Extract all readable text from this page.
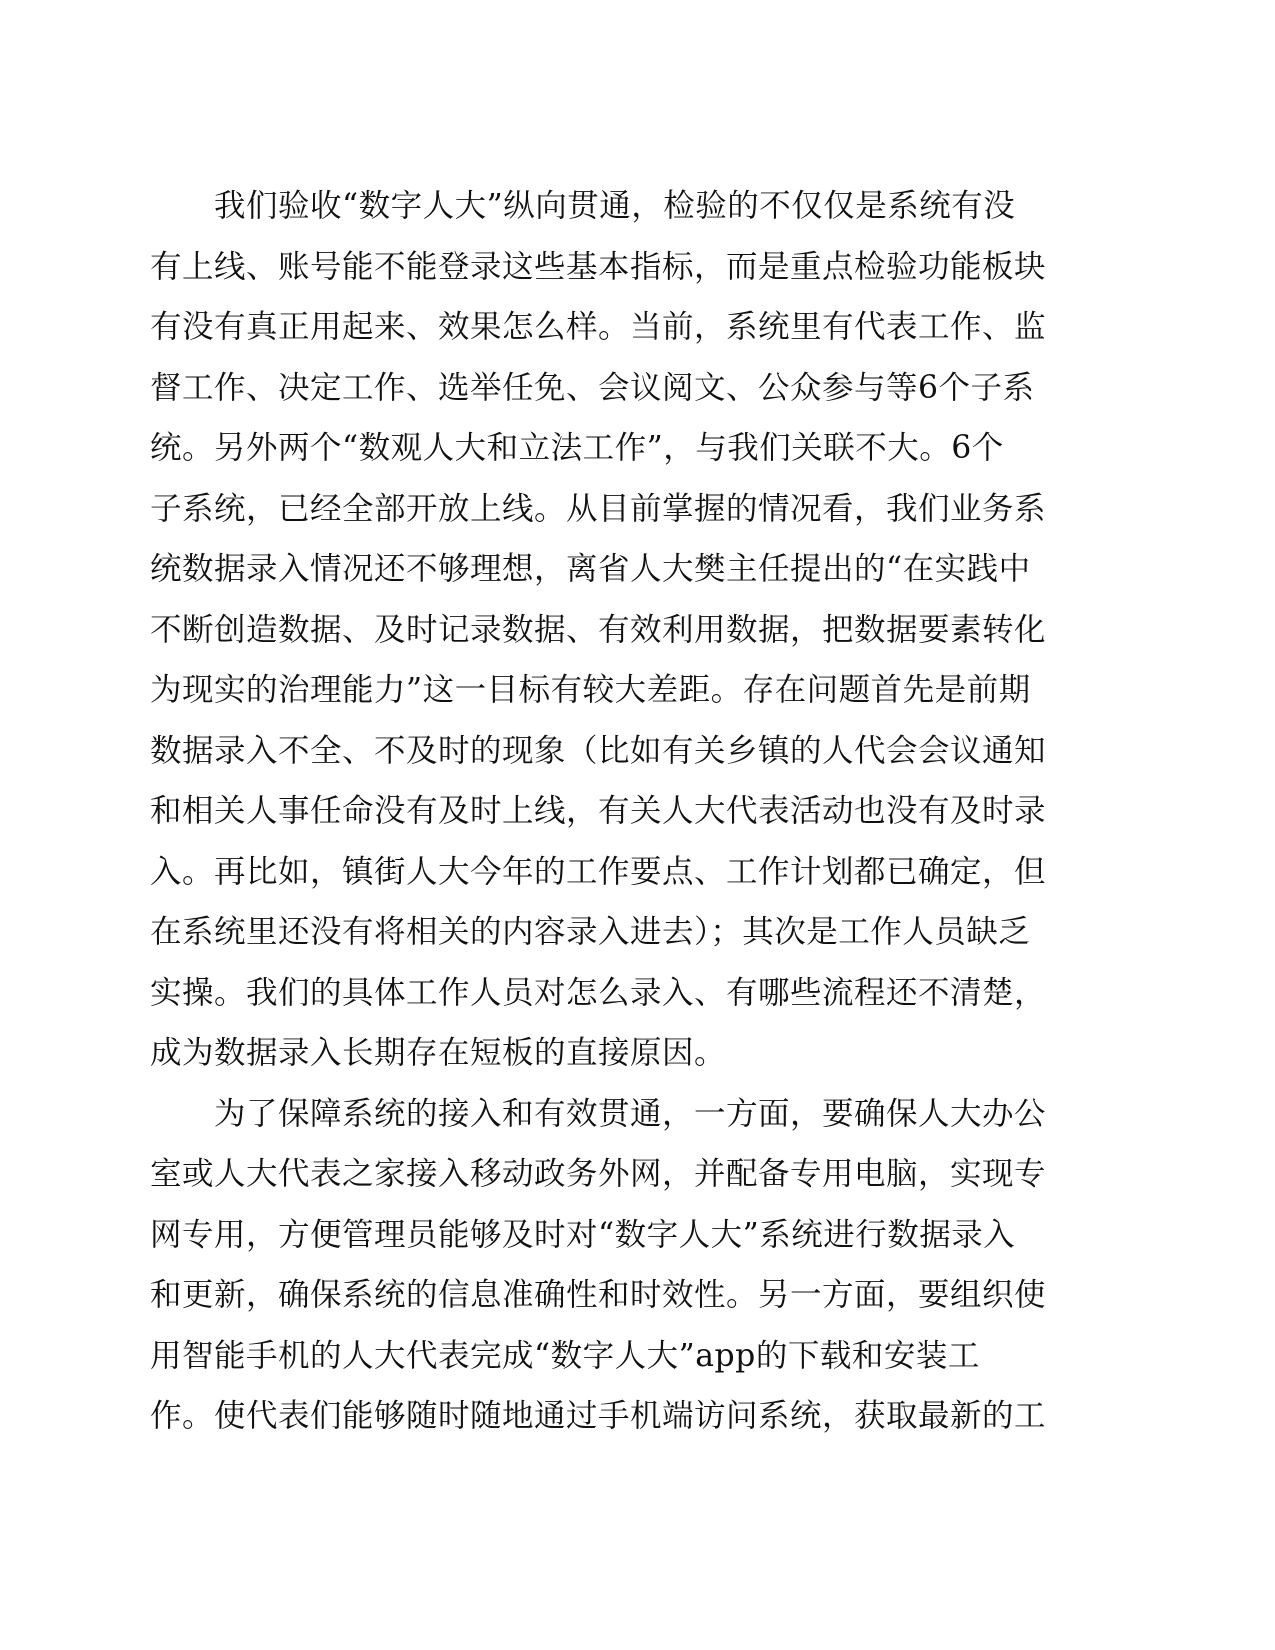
我们验收“数字人大”纵向贯通，检验的不仅仅是系统有没
有上线、账号能不能登录这些基本指标，而是重点检验功能板块
有没有真正用起来、效果怎么样。当前，系统里有代表工作、监
督工作、决定工作、选举任免、会议阅文、公众参与等6个子系
统。另外两个“数观人大和立法工作”，与我们关联不大。6个
子系统，已经全部开放上线。从目前掌握的情况看，我们业务系
统数据录入情况还不够理想，离省人大樊主任提出的“在实践中
不断创造数据、及时记录数据、有效利用数据，把数据要素转化
为现实的治理能力”这一目标有较大差距。存在问题首先是前期
数据录入不全、不及时的现象（比如有关乡镇的人代会会议通知
和相关人事任命没有及时上线，有关人大代表活动也没有及时录
入。再比如，镇街人大今年的工作要点、工作计划都已确定，但
在系统里还没有将相关的内容录入进去）；其次是工作人员缺乏
实操。我们的具体工作人员对怎么录入、有哪些流程还不清楚，
成为数据录入长期存在短板的直接原因。
为了保障系统的接入和有效贯通，一方面，要确保人大办公
室或人大代表之家接入移动政务外网，并配备专用电脑，实现专
网专用，方便管理员能够及时对“数字人大”系统进行数据录入
和更新，确保系统的信息准确性和时效性。另一方面，要组织使
用智能手机的人大代表完成“数字人大”app的下载和安装工
作。使代表们能够随时随地通过手机端访问系统，获取最新的工
